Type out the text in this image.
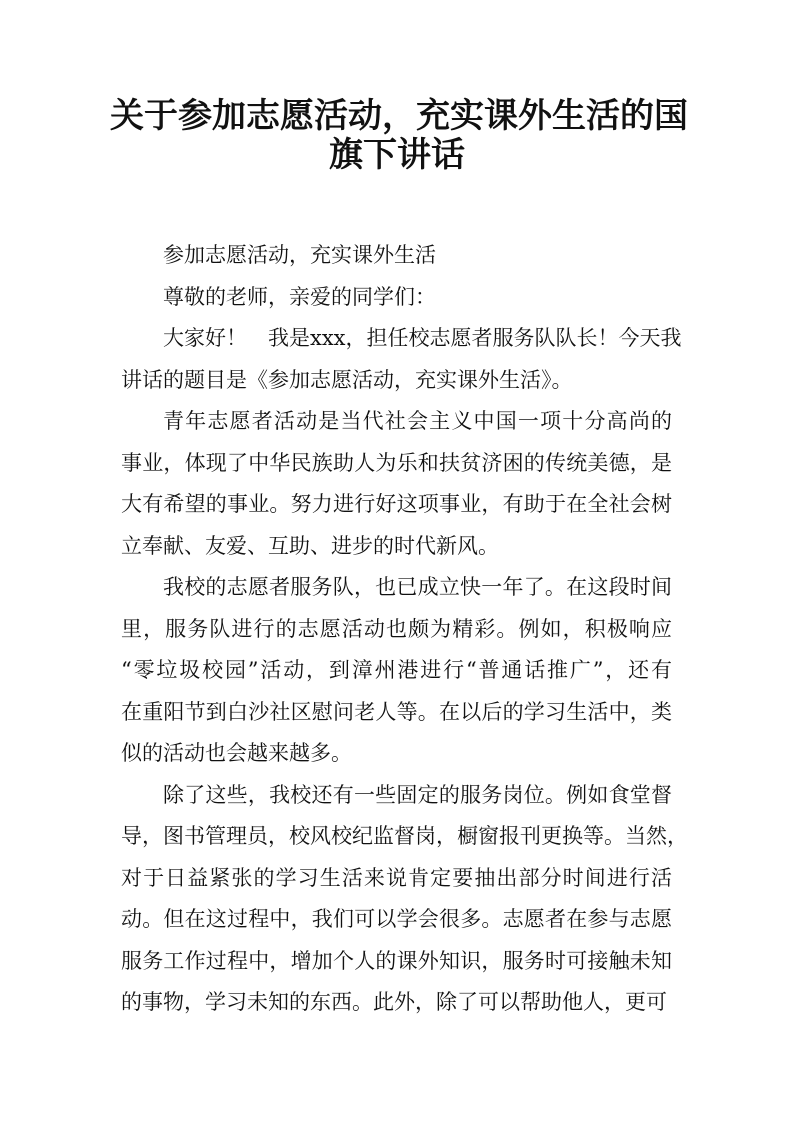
关于参加志愿活动，充实课外生活的国
旗下讲话
参加志愿活动，充实课外生活
尊敬的老师，亲爱的同学们：
大家好！　我是xxx，担任校志愿者服务队队长！今天我
讲话的题目是《参加志愿活动，充实课外生活》。
青年志愿者活动是当代社会主义中国一项十分高尚的
事业，体现了中华民族助人为乐和扶贫济困的传统美德，是
大有希望的事业。努力进行好这项事业，有助于在全社会树
立奉献、友爱、互助、进步的时代新风。
我校的志愿者服务队，也已成立快一年了。在这段时间
里，服务队进行的志愿活动也颇为精彩。例如，积极响应
“零垃圾校园”活动，到漳州港进行“普通话推广”，还有
在重阳节到白沙社区慰问老人等。在以后的学习生活中，类
似的活动也会越来越多。
除了这些，我校还有一些固定的服务岗位。例如食堂督
导，图书管理员，校风校纪监督岗，橱窗报刊更换等。当然，
对于日益紧张的学习生活来说肯定要抽出部分时间进行活
动。但在这过程中，我们可以学会很多。志愿者在参与志愿
服务工作过程中，增加个人的课外知识，服务时可接触未知
的事物，学习未知的东西。此外，除了可以帮助他人，更可
